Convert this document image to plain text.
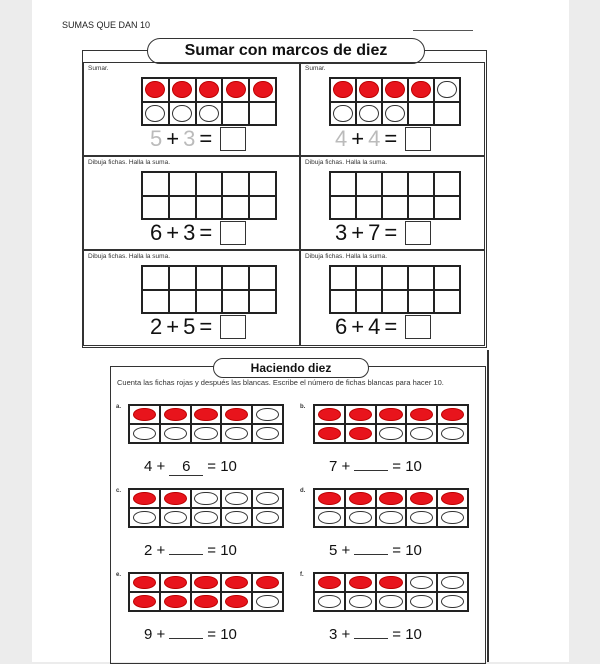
SUMAS QUE DAN 10
Sumar con marcos de diez
Sumar.
5 + 3 =
Sumar.
4 + 4 =
Dibuja fichas. Halla la suma.
6 + 3 =
Dibuja fichas. Halla la suma.
3 + 7 =
Dibuja fichas. Halla la suma.
2 + 5 =
Dibuja fichas. Halla la suma.
6 + 4 =
Haciendo diez
Cuenta las fichas rojas y después las blancas. Escribe el número de fichas blancas para hacer 10.
a.
4 + 6 = 10
b.
7 +	= 10
c.
2 +	= 10
d.
5 +	= 10
e.
9 +	= 10
f.
3 +	= 10
